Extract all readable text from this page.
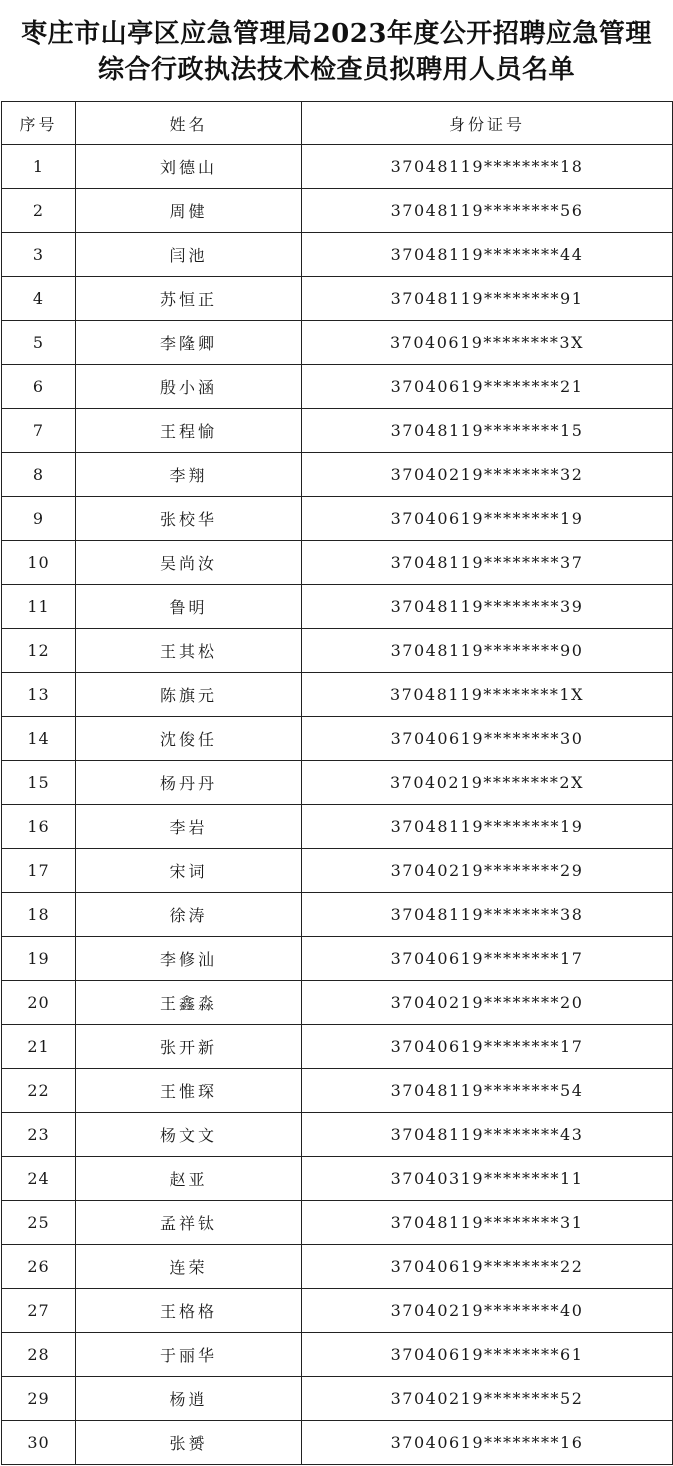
枣庄市山亭区应急管理局2023年度公开招聘应急管理
综合行政执法技术检查员拟聘用人员名单
序号	姓名	身份证号
1	刘德山	37048119********18
2	周健	37048119********56
3	闫池	37048119********44
4	苏恒正	37048119********91
5	李隆卿	37040619********3X
6	殷小涵	37040619********21
7	王程愉	37048119********15
8	李翔	37040219********32
9	张校华	37040619********19
10	吴尚汝	37048119********37
11	鲁明	37048119********39
12	王其松	37048119********90
13	陈旗元	37048119********1X
14	沈俊任	37040619********30
15	杨丹丹	37040219********2X
16	李岩	37048119********19
17	宋词	37040219********29
18	徐涛	37048119********38
19	李修汕	37040619********17
20	王鑫淼	37040219********20
21	张开新	37040619********17
22	王惟琛	37048119********54
23	杨文文	37048119********43
24	赵亚	37040319********11
25	孟祥钛	37048119********31
26	连荣	37040619********22
27	王格格	37040219********40
28	于丽华	37040619********61
29	杨逍	37040219********52
30	张赟	37040619********16
